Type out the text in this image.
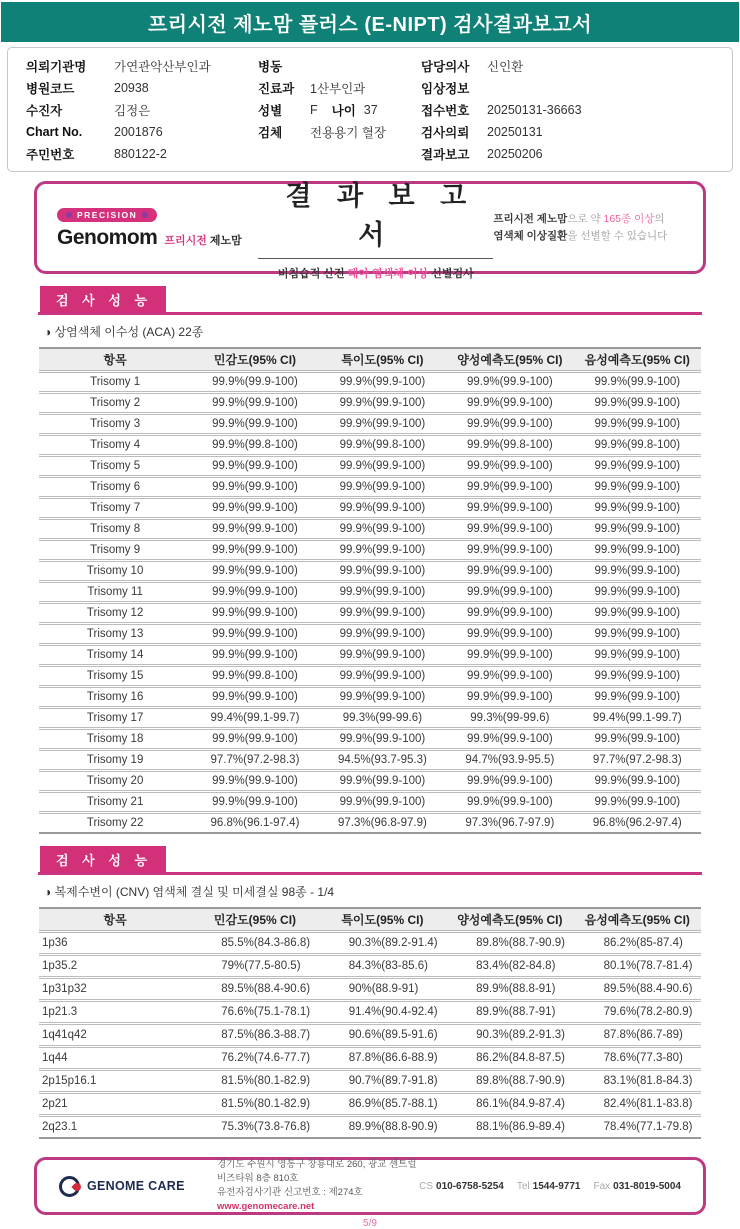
프리시전 제노맘 플러스 (E-NIPT) 검사결과보고서
의뢰기관명	가연관악산부인과
병원코드	20938
수진자	김정은
Chart No.	2001876
주민번호	880122-2
병동
진료과	1산부인과
성별	F 나이 37
검체	전용용기 혈장
담당의사	신인환
임상정보
접수번호	20250131-36663
검사의뢰	20250131
결과보고	20250206
PRECISION
Genomom 프리시전 제노맘
결 과 보 고 서
비침습적 산전 태아 염색체 이상 선별검사
프리시전 제노맘으로 약 165종 이상의
염색체 이상질환을 선별할 수 있습니다
검 사 성 능
◑ 상염색체 이수성 (ACA) 22종
항목	민감도(95% CI)	특이도(95% CI)	양성예측도(95% CI)	음성예측도(95% CI)
Trisomy 1	99.9%(99.9-100)	99.9%(99.9-100)	99.9%(99.9-100)	99.9%(99.9-100)
Trisomy 2	99.9%(99.9-100)	99.9%(99.9-100)	99.9%(99.9-100)	99.9%(99.9-100)
Trisomy 3	99.9%(99.9-100)	99.9%(99.9-100)	99.9%(99.9-100)	99.9%(99.9-100)
Trisomy 4	99.9%(99.8-100)	99.9%(99.8-100)	99.9%(99.8-100)	99.9%(99.8-100)
Trisomy 5	99.9%(99.9-100)	99.9%(99.9-100)	99.9%(99.9-100)	99.9%(99.9-100)
Trisomy 6	99.9%(99.9-100)	99.9%(99.9-100)	99.9%(99.9-100)	99.9%(99.9-100)
Trisomy 7	99.9%(99.9-100)	99.9%(99.9-100)	99.9%(99.9-100)	99.9%(99.9-100)
Trisomy 8	99.9%(99.9-100)	99.9%(99.9-100)	99.9%(99.9-100)	99.9%(99.9-100)
Trisomy 9	99.9%(99.9-100)	99.9%(99.9-100)	99.9%(99.9-100)	99.9%(99.9-100)
Trisomy 10	99.9%(99.9-100)	99.9%(99.9-100)	99.9%(99.9-100)	99.9%(99.9-100)
Trisomy 11	99.9%(99.9-100)	99.9%(99.9-100)	99.9%(99.9-100)	99.9%(99.9-100)
Trisomy 12	99.9%(99.9-100)	99.9%(99.9-100)	99.9%(99.9-100)	99.9%(99.9-100)
Trisomy 13	99.9%(99.9-100)	99.9%(99.9-100)	99.9%(99.9-100)	99.9%(99.9-100)
Trisomy 14	99.9%(99.9-100)	99.9%(99.9-100)	99.9%(99.9-100)	99.9%(99.9-100)
Trisomy 15	99.9%(99.8-100)	99.9%(99.9-100)	99.9%(99.9-100)	99.9%(99.9-100)
Trisomy 16	99.9%(99.9-100)	99.9%(99.9-100)	99.9%(99.9-100)	99.9%(99.9-100)
Trisomy 17	99.4%(99.1-99.7)	99.3%(99-99.6)	99.3%(99-99.6)	99.4%(99.1-99.7)
Trisomy 18	99.9%(99.9-100)	99.9%(99.9-100)	99.9%(99.9-100)	99.9%(99.9-100)
Trisomy 19	97.7%(97.2-98.3)	94.5%(93.7-95.3)	94.7%(93.9-95.5)	97.7%(97.2-98.3)
Trisomy 20	99.9%(99.9-100)	99.9%(99.9-100)	99.9%(99.9-100)	99.9%(99.9-100)
Trisomy 21	99.9%(99.9-100)	99.9%(99.9-100)	99.9%(99.9-100)	99.9%(99.9-100)
Trisomy 22	96.8%(96.1-97.4)	97.3%(96.8-97.9)	97.3%(96.7-97.9)	96.8%(96.2-97.4)
검 사 성 능
◑ 복제수변이 (CNV) 염색체 결실 및 미세결실 98종 - 1/4
항목	민감도(95% CI)	특이도(95% CI)	양성예측도(95% CI)	음성예측도(95% CI)
1p36	85.5%(84.3-86.8)	90.3%(89.2-91.4)	89.8%(88.7-90.9)	86.2%(85-87.4)
1p35.2	79%(77.5-80.5)	84.3%(83-85.6)	83.4%(82-84.8)	80.1%(78.7-81.4)
1p31p32	89.5%(88.4-90.6)	90%(88.9-91)	89.9%(88.8-91)	89.5%(88.4-90.6)
1p21.3	76.6%(75.1-78.1)	91.4%(90.4-92.4)	89.9%(88.7-91)	79.6%(78.2-80.9)
1q41q42	87.5%(86.3-88.7)	90.6%(89.5-91.6)	90.3%(89.2-91.3)	87.8%(86.7-89)
1q44	76.2%(74.6-77.7)	87.8%(86.6-88.9)	86.2%(84.8-87.5)	78.6%(77.3-80)
2p15p16.1	81.5%(80.1-82.9)	90.7%(89.7-91.8)	89.8%(88.7-90.9)	83.1%(81.8-84.3)
2p21	81.5%(80.1-82.9)	86.9%(85.7-88.1)	86.1%(84.9-87.4)	82.4%(81.1-83.8)
2q23.1	75.3%(73.8-76.8)	89.9%(88.8-90.9)	88.1%(86.9-89.4)	78.4%(77.1-79.8)
GENOME CARE
경기도 수원시 영통구 창룡대로 260, 광교 센트럴비즈타워 8층 810호
유전자검사기관 신고번호 : 제274호
www.genomecare.net
CS 010-6758-5254 Tel 1544-9771 Fax 031-8019-5004
5/9
